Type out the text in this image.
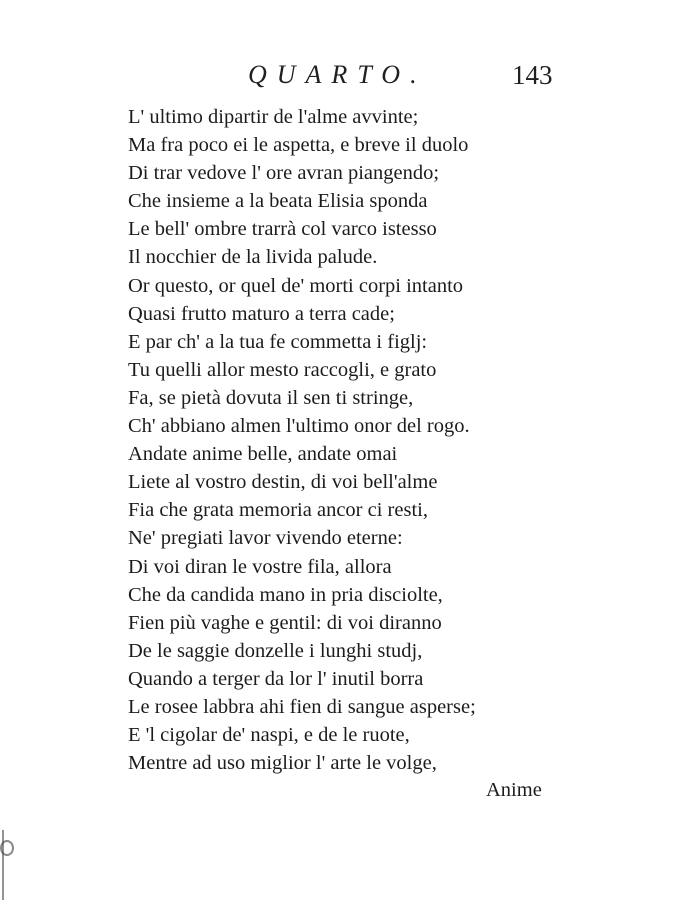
QUARTO.	143
L' ultimo dipartir de l'alme avvinte;
Ma fra poco ei le aspetta, e breve il duolo
Di trar vedove l' ore avran piangendo;
Che insieme a la beata Elisia sponda
Le bell' ombre trarrà col varco istesso
Il nocchier de la livida palude.
Or questo, or quel de' morti corpi intanto
Quasi frutto maturo a terra cade;
E par ch' a la tua fe commetta i figlj:
Tu quelli allor mesto raccogli, e grato
Fa, se pietà dovuta il sen ti stringe,
Ch' abbiano almen l'ultimo onor del rogo.
Andate anime belle, andate omai
Liete al vostro destin, di voi bell'alme
Fia che grata memoria ancor ci resti,
Ne' pregiati lavor vivendo eterne:
Di voi diran le vostre fila, allora
Che da candida mano in pria disciolte,
Fien più vaghe e gentil: di voi diranno
De le saggie donzelle i lunghi studj,
Quando a terger da lor l' inutil borra
Le rosee labbra ahi fien di sangue asperse;
E 'l cigolar de' naspi, e de le ruote,
Mentre ad uso miglior l' arte le volge,
Anime
